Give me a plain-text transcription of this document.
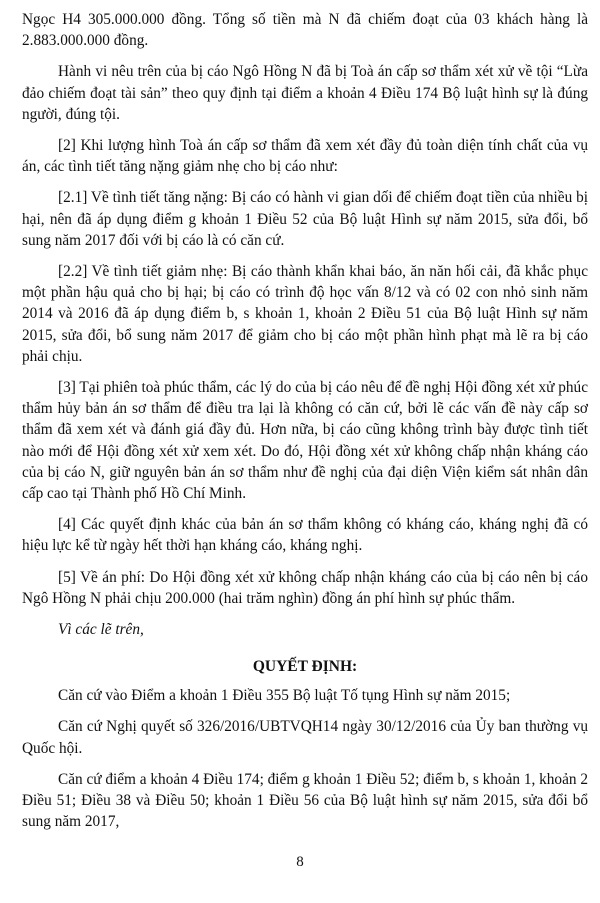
Ngọc H4 305.000.000 đồng. Tổng số tiền mà N đã chiếm đoạt của 03 khách hàng là 2.883.000.000 đồng.

Hành vi nêu trên của bị cáo Ngô Hồng N đã bị Toà án cấp sơ thẩm xét xử về tội “Lừa đảo chiếm đoạt tài sản” theo quy định tại điểm a khoản 4 Điều 174 Bộ luật hình sự là đúng người, đúng tội.

[2] Khi lượng hình Toà án cấp sơ thẩm đã xem xét đầy đủ toàn diện tính chất của vụ án, các tình tiết tăng nặng giảm nhẹ cho bị cáo như:

[2.1] Về tình tiết tăng nặng: Bị cáo có hành vi gian dối để chiếm đoạt tiền của nhiều bị hại, nên đã áp dụng điểm g khoản 1 Điều 52 của Bộ luật Hình sự năm 2015, sửa đổi, bổ sung năm 2017 đối với bị cáo là có căn cứ.

[2.2] Về tình tiết giảm nhẹ: Bị cáo thành khẩn khai báo, ăn năn hối cải, đã khắc phục một phần hậu quả cho bị hại; bị cáo có trình độ học vấn 8/12 và có 02 con nhỏ sinh năm 2014 và 2016 đã áp dụng điểm b, s khoản 1, khoản 2 Điều 51 của Bộ luật Hình sự năm 2015, sửa đổi, bổ sung năm 2017 để giảm cho bị cáo một phần hình phạt mà lẽ ra bị cáo phải chịu.

[3] Tại phiên toà phúc thẩm, các lý do của bị cáo nêu để đề nghị Hội đồng xét xử phúc thẩm hủy bản án sơ thẩm để điều tra lại là không có căn cứ, bởi lẽ các vấn đề này cấp sơ thẩm đã xem xét và đánh giá đầy đủ. Hơn nữa, bị cáo cũng không trình bày được tình tiết nào mới để Hội đồng xét xử xem xét. Do đó, Hội đồng xét xử không chấp nhận kháng cáo của bị cáo N, giữ nguyên bản án sơ thẩm như đề nghị của đại diện Viện kiểm sát nhân dân cấp cao tại Thành phố Hồ Chí Minh.

[4] Các quyết định khác của bản án sơ thẩm không có kháng cáo, kháng nghị đã có hiệu lực kể từ ngày hết thời hạn kháng cáo, kháng nghị.

[5] Về án phí: Do Hội đồng xét xử không chấp nhận kháng cáo của bị cáo nên bị cáo Ngô Hồng N phải chịu 200.000 (hai trăm nghìn) đồng án phí hình sự phúc thẩm.

Vì các lẽ trên,

QUYẾT ĐỊNH:

Căn cứ vào Điểm a khoản 1 Điều 355 Bộ luật Tố tụng Hình sự năm 2015;

Căn cứ Nghị quyết số 326/2016/UBTVQH14 ngày 30/12/2016 của Ủy ban thường vụ Quốc hội.

Căn cứ điểm a khoản 4 Điều 174; điểm g khoản 1 Điều 52; điểm b, s khoản 1, khoản 2 Điều 51; Điều 38 và Điều 50; khoản 1 Điều 56 của Bộ luật hình sự năm 2015, sửa đổi bổ sung năm 2017,

8
